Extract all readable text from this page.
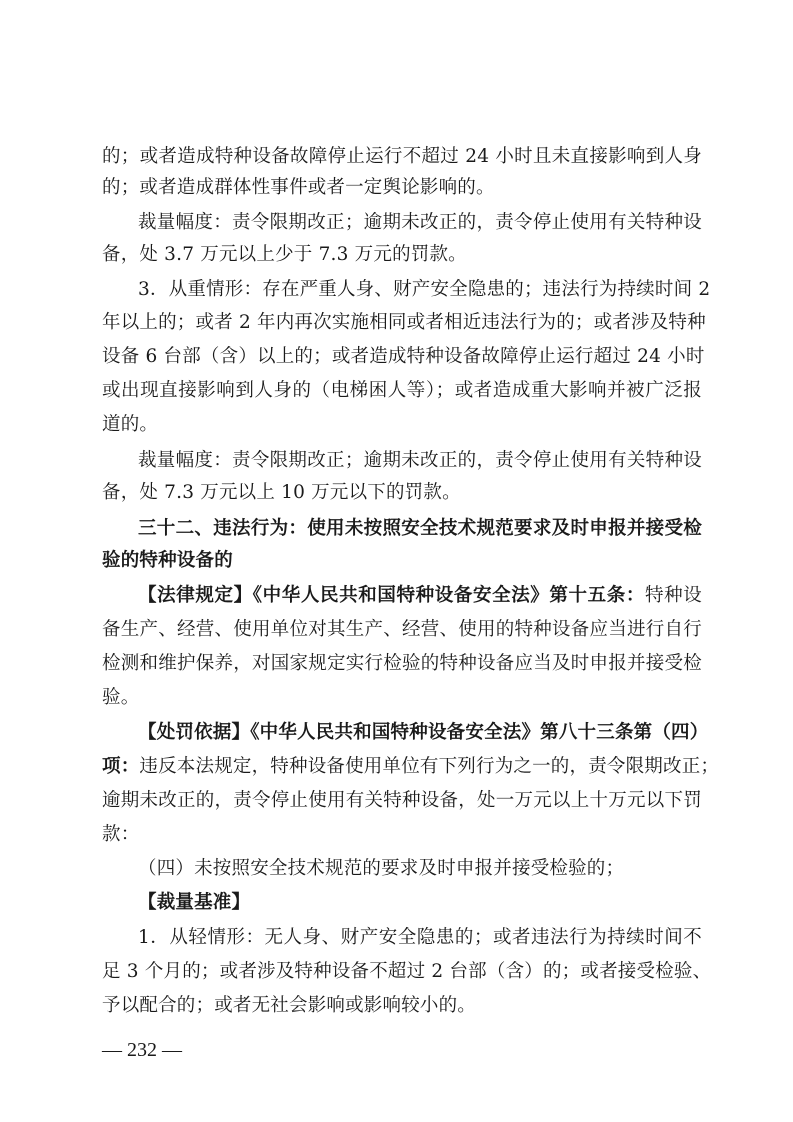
的；或者造成特种设备故障停止运行不超过 24 小时且未直接影响到人身
的；或者造成群体性事件或者一定舆论影响的。
裁量幅度：责令限期改正；逾期未改正的，责令停止使用有关特种设
备，处 3.7 万元以上少于 7.3 万元的罚款。
3．从重情形：存在严重人身、财产安全隐患的；违法行为持续时间 2
年以上的；或者 2 年内再次实施相同或者相近违法行为的；或者涉及特种
设备 6 台部（含）以上的；或者造成特种设备故障停止运行超过 24 小时
或出现直接影响到人身的（电梯困人等）；或者造成重大影响并被广泛报
道的。
裁量幅度：责令限期改正；逾期未改正的，责令停止使用有关特种设
备，处 7.3 万元以上 10 万元以下的罚款。
三十二、违法行为：使用未按照安全技术规范要求及时申报并接受检
验的特种设备的
【法律规定】《中华人民共和国特种设备安全法》第十五条：特种设
备生产、经营、使用单位对其生产、经营、使用的特种设备应当进行自行
检测和维护保养，对国家规定实行检验的特种设备应当及时申报并接受检
验。
【处罚依据】《中华人民共和国特种设备安全法》第八十三条第（四）
项：违反本法规定，特种设备使用单位有下列行为之一的，责令限期改正；
逾期未改正的，责令停止使用有关特种设备，处一万元以上十万元以下罚
款：
（四）未按照安全技术规范的要求及时申报并接受检验的；
【裁量基准】
1．从轻情形：无人身、财产安全隐患的；或者违法行为持续时间不
足 3 个月的；或者涉及特种设备不超过 2 台部（含）的；或者接受检验、
予以配合的；或者无社会影响或影响较小的。
— 232 —
